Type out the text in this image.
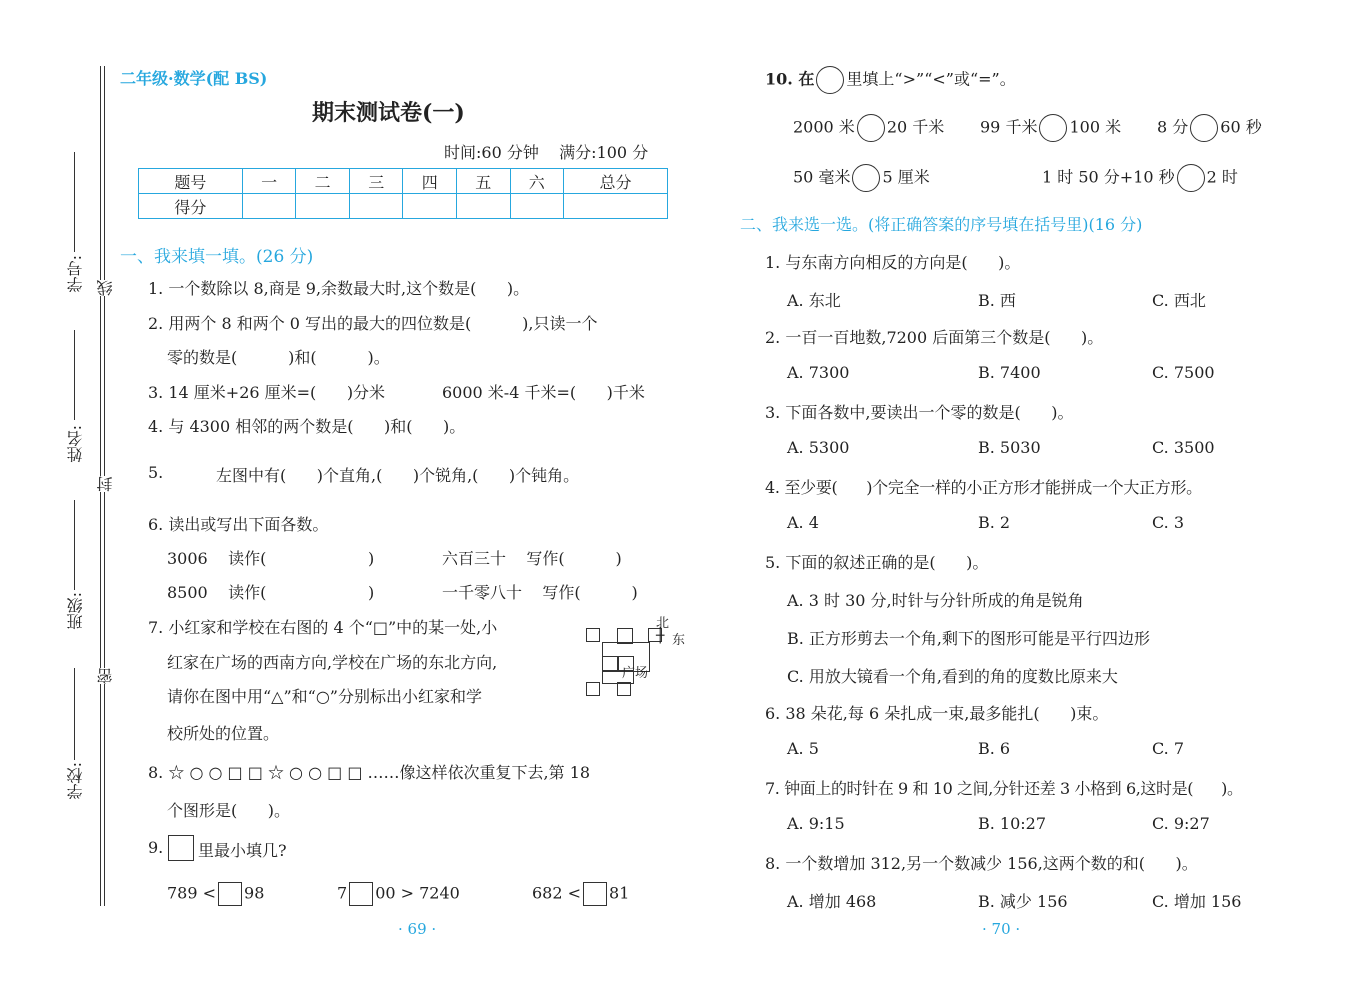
学号:
姓名:
班级:
学校:
线
封
密
二年级·数学(配 BS)
期末测试卷(一)
时间:60 分钟    满分:100 分
题号	一	二	三	四	五	六	总分
得分							
一、我来填一填。(26 分)
1. 一个数除以 8,商是 9,余数最大时,这个数是(      )。
2. 用两个 8 和两个 0 写出的最大的四位数是(          ),只读一个
零的数是(          )和(          )。
3. 14 厘米+26 厘米=(      )分米	6000 米-4 千米=(      )千米
4. 与 4300 相邻的两个数是(      )和(      )。
5.	左图中有(      )个直角,(      )个锐角,(      )个钝角。
6. 读出或写出下面各数。
3006    读作(                    )	六百三十    写作(          )
8500    读作(                    )	一千零八十    写作(          )
7. 小红家和学校在右图的 4 个“□”中的某一处,小
红家在广场的西南方向,学校在广场的东北方向,
请你在图中用“△”和“○”分别标出小红家和学
校所处的位置。
北
┼ 东
广场
8. ☆ ○ ○ □ □ ☆ ○ ○ □ □ ……像这样依次重复下去,第 18
个图形是(      )。
9. 里最小填几?
789 < 98	7 00 > 7240	682 < 81
· 69 ·
10. 在 里填上“>”“<”或“=”。
2000 米 20 千米 99 千米 100 米 8 分 60 秒
50 毫米 5 厘米	1 时 50 分+10 秒 2 时
二、我来选一选。(将正确答案的序号填在括号里)(16 分)
1. 与东南方向相反的方向是(      )。
A. 东北	B. 西	C. 西北
2. 一百一百地数,7200 后面第三个数是(      )。
A. 7300	B. 7400	C. 7500
3. 下面各数中,要读出一个零的数是(      )。
A. 5300	B. 5030	C. 3500
4. 至少要(      )个完全一样的小正方形才能拼成一个大正方形。
A. 4	B. 2	C. 3
5. 下面的叙述正确的是(      )。
A. 3 时 30 分,时针与分针所成的角是锐角
B. 正方形剪去一个角,剩下的图形可能是平行四边形
C. 用放大镜看一个角,看到的角的度数比原来大
6. 38 朵花,每 6 朵扎成一束,最多能扎(      )束。
A. 5	B. 6	C. 7
7. 钟面上的时针在 9 和 10 之间,分针还差 3 小格到 6,这时是(      )。
A. 9:15	B. 10:27	C. 9:27
8. 一个数增加 312,另一个数减少 156,这两个数的和(      )。
A. 增加 468	B. 减少 156	C. 增加 156
· 70 ·
